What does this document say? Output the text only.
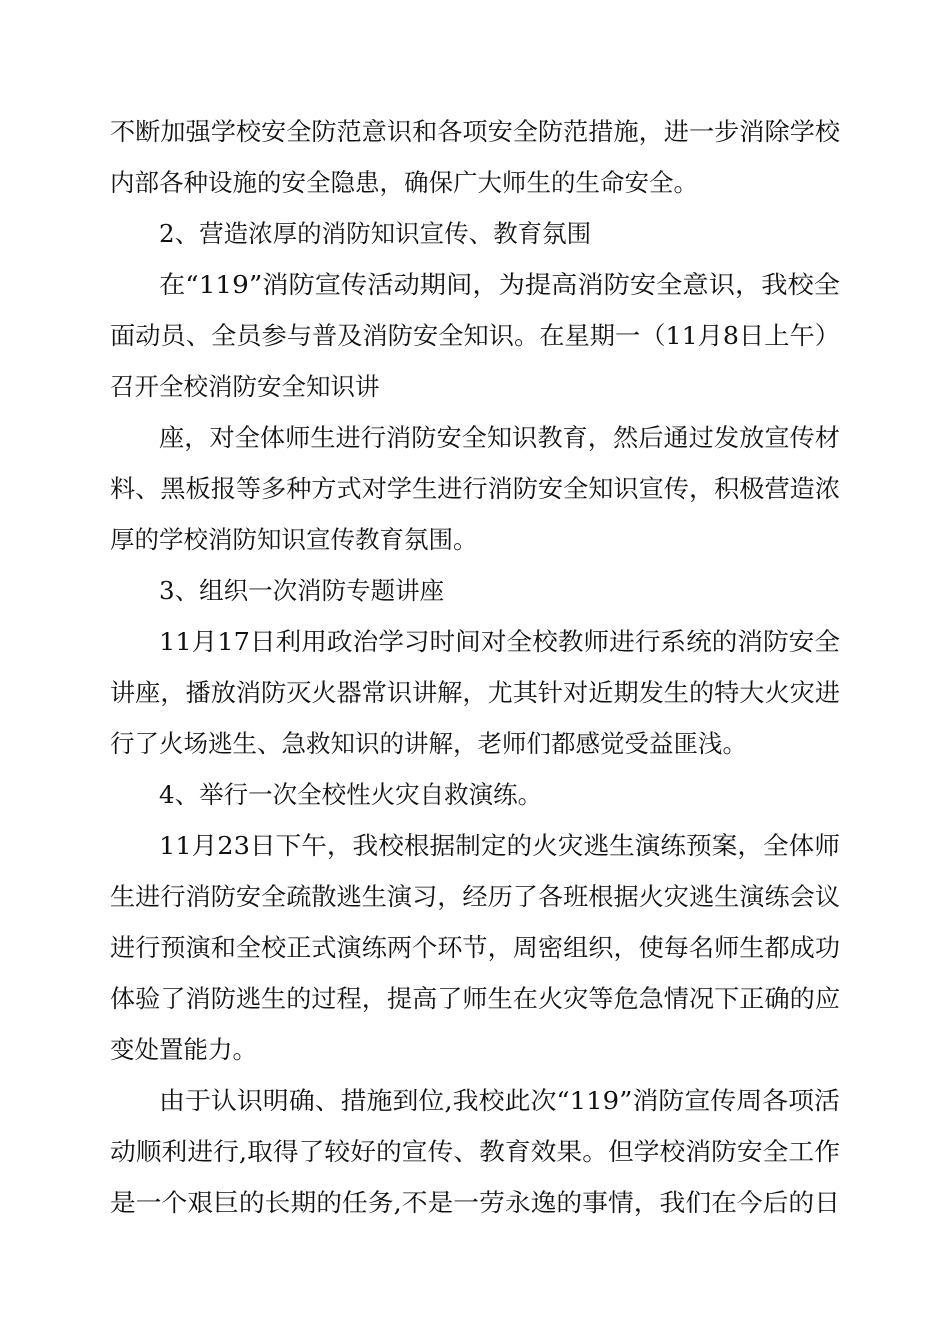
不断加强学校安全防范意识和各项安全防范措施，进一步消除学校

内部各种设施的安全隐患，确保广大师生的生命安全。

2、营造浓厚的消防知识宣传、教育氛围

在“119”消防宣传活动期间，为提高消防安全意识，我校全

面动员、全员参与普及消防安全知识。在星期一（11月8日上午）

召开全校消防安全知识讲

座，对全体师生进行消防安全知识教育，然后通过发放宣传材

料、黑板报等多种方式对学生进行消防安全知识宣传，积极营造浓

厚的学校消防知识宣传教育氛围。

3、组织一次消防专题讲座

11月17日利用政治学习时间对全校教师进行系统的消防安全

讲座，播放消防灭火器常识讲解，尤其针对近期发生的特大火灾进

行了火场逃生、急救知识的讲解，老师们都感觉受益匪浅。

4、举行一次全校性火灾自救演练。

11月23日下午，我校根据制定的火灾逃生演练预案，全体师

生进行消防安全疏散逃生演习，经历了各班根据火灾逃生演练会议

进行预演和全校正式演练两个环节，周密组织，使每名师生都成功

体验了消防逃生的过程，提高了师生在火灾等危急情况下正确的应

变处置能力。

由于认识明确、措施到位,我校此次“119”消防宣传周各项活

动顺利进行,取得了较好的宣传、教育效果。但学校消防安全工作

是一个艰巨的长期的任务,不是一劳永逸的事情，我们在今后的日
